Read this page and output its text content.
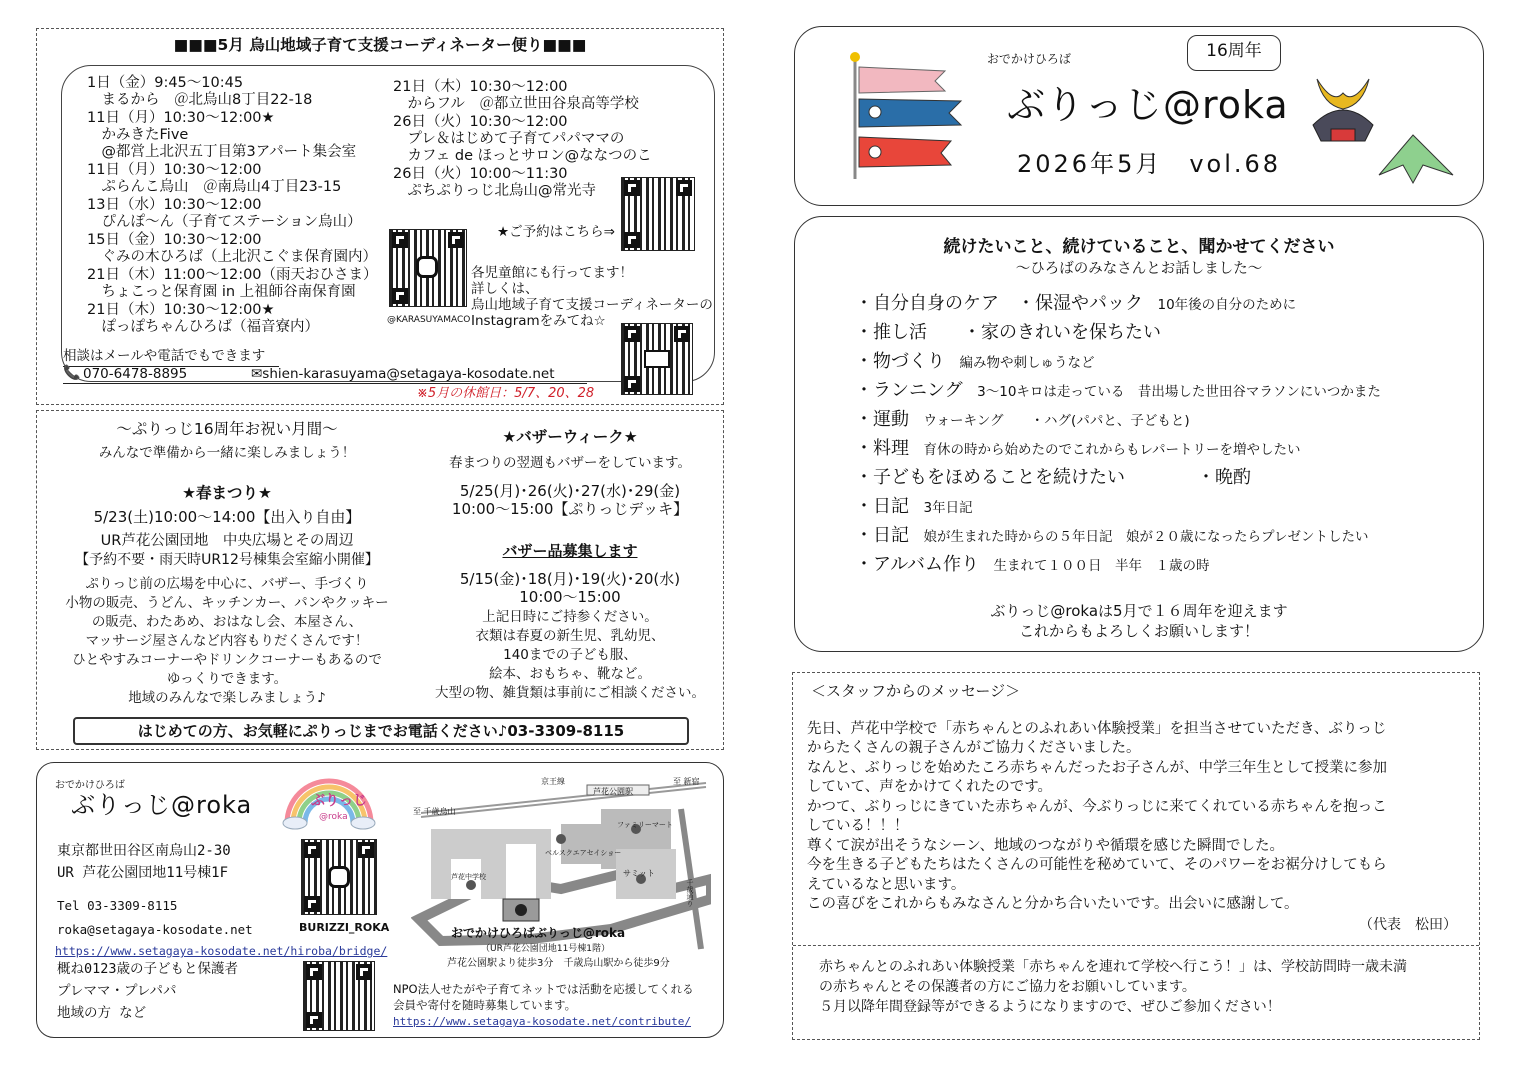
■■■5月 烏山地域子育て支援コーディネーター便り■■■
1日（金）9:45～10:45
　まるから　＠北烏山8丁目22-18
11日（月）10:30～12:00★
　かみきたFive
　@都営上北沢五丁目第3アパート集会室
11日（月）10:30～12:00
　ぷらんこ烏山　＠南烏山4丁目23-15
13日（水）10:30～12:00
　ぴんぽ～ん（子育てステーション烏山）
15日（金）10:30～12:00
　ぐみの木ひろば（上北沢こぐま保育園内）
21日（木）11:00～12:00（雨天おひさま）
　ちょこっと保育園 in 上祖師谷南保育園
21日（木）10:30～12:00★
　ぽっぽちゃんひろば（福音寮内）
21日（木）10:30～12:00
　からフル　＠都立世田谷泉高等学校
26日（火）10:30～12:00
　プレ＆はじめて子育てパパママの
　カフェ de ほっとサロン@ななつのこ
26日（火）10:00～11:30
　ぷちぷりっじ北烏山@常光寺
★ご予約はこちら⇒
@KARASUYAMACO
各児童館にも行ってます！
詳しくは、
烏山地域子育て支援コーディネーターの
Instagramをみてね☆
相談はメールや電話でもできます
📞 070-6478-8895	✉shien-karasuyama@setagaya-kosodate.net
※5月の休館日：5/7、20、28
～ぷりっじ16周年お祝い月間～
みんなで準備から一緒に楽しみましょう！
★春まつり★
5/23(土)10:00～14:00【出入り自由】
UR芦花公園団地　中央広場とその周辺
【予約不要・雨天時UR12号棟集会室縮小開催】
ぷりっじ前の広場を中心に、バザー、手づくり
小物の販売、うどん、キッチンカー、パンやクッキー
の販売、わたあめ、おはなし会、本屋さん、
マッサージ屋さんなど内容もりだくさんです！
ひとやすみコーナーやドリンクコーナーもあるので
ゆっくりできます。
地域のみんなで楽しみましょう♪
★バザーウィーク★
春まつりの翌週もバザーをしています。
5/25(月)･26(火)･27(水)･29(金)
10:00～15:00【ぷりっじデッキ】
バザー品募集します
5/15(金)･18(月)･19(火)･20(水)
10:00～15:00
上記日時にご持参ください。
衣類は春夏の新生児、乳幼児、
140までの子ども服、
絵本、おもちゃ、靴など。
大型の物、雑貨類は事前にご相談ください。
はじめての方、お気軽にぷりっじまでお電話ください♪03-3309-8115
おでかけひろば
ぶりっじ@roka
東京都世田谷区南烏山2-30
UR 芦花公園団地11号棟1F
Tel 03-3309-8115
roka@setagaya-kosodate.net
https://www.setagaya-kosodate.net/hiroba/bridge/
概ね0123歳の子どもと保護者
プレママ・プレパパ
地域の方 など
ぶりっじ
@roka
BURIZZI_ROKA
京王線
芦花公園駅
至 新宿
至 千歳烏山
ファミリーマート
ベルスクエアセイショー
サミット
芦花中学校
千歳通り
おでかけひろばぶりっじ@roka
（UR芦花公園団地11号棟1階）
芦花公園駅より徒歩3分　千歳烏山駅から徒歩9分
NPO法人せたがや子育てネットでは活動を応援してくれる
会員や寄付を随時募集しています。
https://www.setagaya-kosodate.net/contribute/
おでかけひろば	16周年
ぶりっじ@roka
2026年5月　vol.68
続けたいこと、続けていること、聞かせてください
～ひろばのみなさんとお話しました～
・自分自身のケア　・保湿やパック　 10年後の自分のために
・推し活　　・家のきれいを保ちたい
・物づくり　 編み物や刺しゅうなど
・ランニング　 3～10キロは走っている　昔出場した世田谷マラソンにいつかまた
・運動　 ウォーキング　　・ハグ(パパと、子どもと)
・料理　 育休の時から始めたのでこれからもレパートリーを増やしたい
・子どもをほめることを続けたい　　　　・晩酌
・日記　 3年日記
・日記　 娘が生まれた時からの５年日記　娘が２０歳になったらプレゼントしたい
・アルバム作り　 生まれて１００日　半年　１歳の時
ぶりっじ@rokaは5月で１６周年を迎えます
これからもよろしくお願いします！
＜スタッフからのメッセージ＞
先日、芦花中学校で「赤ちゃんとのふれあい体験授業」を担当させていただき、ぶりっじ
からたくさんの親子さんがご協力くださいました。
なんと、ぶりっじを始めたころ赤ちゃんだったお子さんが、中学三年生として授業に参加
していて、声をかけてくれたのです。
かつて、ぶりっじにきていた赤ちゃんが、今ぶりっじに来てくれている赤ちゃんを抱っこ
している！！！
尊くて涙が出そうなシーン、地域のつながりや循環を感じた瞬間でした。
今を生きる子どもたちはたくさんの可能性を秘めていて、そのパワーをお裾分けしてもら
えているなと思います。
この喜びをこれからもみなさんと分かち合いたいです。出会いに感謝して。
（代表　松田）
赤ちゃんとのふれあい体験授業「赤ちゃんを連れて学校へ行こう！」は、学校訪問時一歳未満
の赤ちゃんとその保護者の方にご協力をお願いしています。
５月以降年間登録等ができるようになりますので、ぜひご参加ください！
